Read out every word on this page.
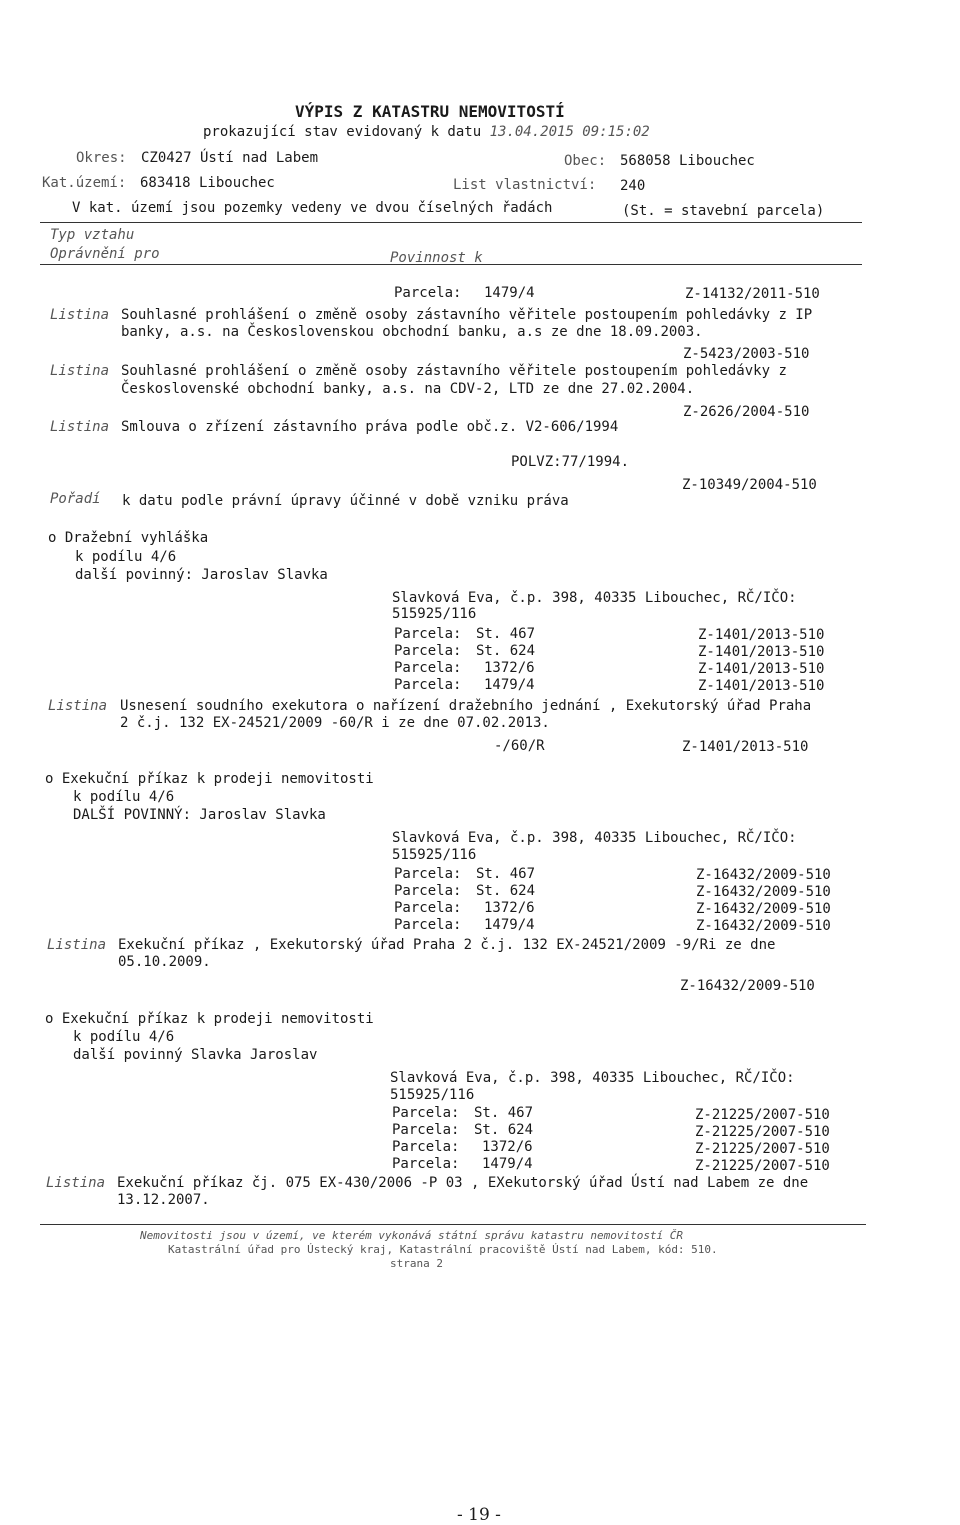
VÝPIS Z KATASTRU NEMOVITOSTÍ
prokazující stav evidovaný k datu 13.04.2015 09:15:02
Okres: CZ0427 Ústí nad Labem	Obec: 568058 Libouchec
Kat.území: 683418 Libouchec	List vlastnictví: 240
V kat. území jsou pozemky vedeny ve dvou číselných řadách	(St. = stavební parcela)
Typ vztahu
Oprávnění pro	Povinnost k
Parcela: 1479/4	Z-14132/2011-510
Listina Souhlasné prohlášení o změně osoby zástavního věřitele postoupením pohledávky z IP
banky, a.s. na Československou obchodní banku, a.s ze dne 18.09.2003.
Z-5423/2003-510
Listina Souhlasné prohlášení o změně osoby zástavního věřitele postoupením pohledávky z
Československé obchodní banky, a.s. na CDV-2, LTD ze dne 27.02.2004.
Z-2626/2004-510
Listina Smlouva o zřízení zástavního práva podle obč.z. V2-606/1994
POLVZ:77/1994.
Pořadí k datu podle právní úpravy účinné v době vzniku práva
Z-10349/2004-510
o Dražební vyhláška
k podílu 4/6
další povinný: Jaroslav Slavka
Slavková Eva, č.p. 398, 40335 Libouchec, RČ/IČO:
515925/116
Parcela: St. 467	Z-1401/2013-510
Parcela: St. 624	Z-1401/2013-510
Parcela: 1372/6	Z-1401/2013-510
Parcela: 1479/4	Z-1401/2013-510
Listina Usnesení soudního exekutora o nařízení dražebního jednání , Exekutorský úřad Praha
2 č.j. 132 EX-24521/2009 -60/R i ze dne 07.02.2013.
-/60/R	Z-1401/2013-510
o Exekuční příkaz k prodeji nemovitosti
k podílu 4/6
DALŠÍ POVINNÝ: Jaroslav Slavka
Slavková Eva, č.p. 398, 40335 Libouchec, RČ/IČO:
515925/116
Parcela: St. 467	Z-16432/2009-510
Parcela: St. 624	Z-16432/2009-510
Parcela: 1372/6	Z-16432/2009-510
Parcela: 1479/4	Z-16432/2009-510
Listina Exekuční příkaz , Exekutorský úřad Praha 2 č.j. 132 EX-24521/2009 -9/Ri ze dne
05.10.2009.
Z-16432/2009-510
o Exekuční příkaz k prodeji nemovitosti
k podílu 4/6
další povinný Slavka Jaroslav
Slavková Eva, č.p. 398, 40335 Libouchec, RČ/IČO:
515925/116
Parcela: St. 467	Z-21225/2007-510
Parcela: St. 624	Z-21225/2007-510
Parcela: 1372/6	Z-21225/2007-510
Parcela: 1479/4	Z-21225/2007-510
Listina Exekuční příkaz čj. 075 EX-430/2006 -P 03 , EXekutorský úřad Ústí nad Labem ze dne
13.12.2007.
Nemovitosti jsou v území, ve kterém vykonává státní správu katastru nemovitostí ČR
Katastrální úřad pro Ústecký kraj, Katastrální pracoviště Ústí nad Labem, kód: 510.
strana 2
- 19 -
